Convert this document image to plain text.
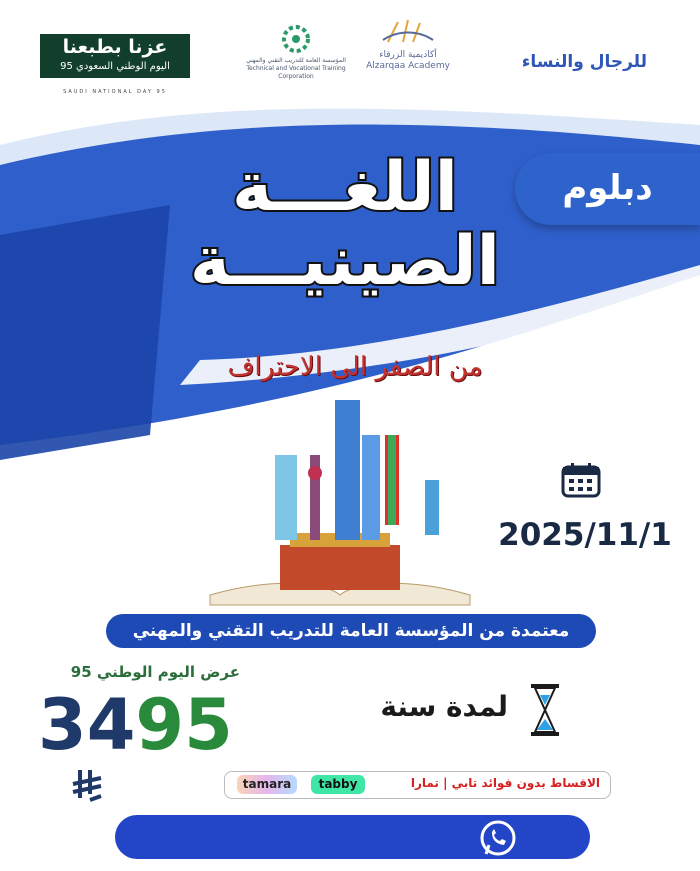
عزنا بطبعنا
اليوم الوطني السعودي 95
SAUDI NATIONAL DAY 95
المؤسسة العامة للتدريب التقني والمهني
Technical and Vocational Training Corporation
أكاديمية الزرقاء
Alzarqaa Academy	للرجال والنساء
دبلوم
اللغـــة
الصينيـــة
من الصفر الى الاحتراف
2025/11/1
معتمدة من المؤسسة العامة للتدريب التقني والمهني
عرض اليوم الوطني 95
3495	لمدة سنة
tamara	tabby	الاقساط بدون فوائد تابي | تمارا
